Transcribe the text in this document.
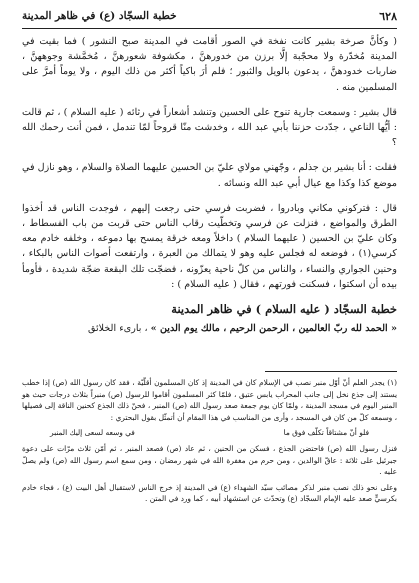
خطبة السجّاد (ع) في ظاهر المدينة	٦٢٨

( وكأنَّ صرخة بشير كانت نفخة في الصور أقامت في المدينة صبح النشور ) فما بقيت في المدينة مُخدّرة ولا محجّبة إلَّا برزن من خدورهنَّ ، مكشوفة شعورهنَّ ، مُخمَّشة وجوههنَّ ، ضاربات خدودهنَّ ، يدعون بالويل والثبور ؛ فلم أرَ باكياً أكثر من ذلك اليوم ، ولا يوماً أمرَّ على المسلمين منه .

قال بشير : وسمعت جارية تنوح على الحسين وتنشد أشعاراً في رثائه ( عليه السلام ) ، ثم قالت : أيُّها الناعي ، جدّدت حزننا بأبي عبد الله ، وخدشت منّا قروحاً لمّا تندمل ، فمن أنت رحمك الله ؟

فقلت : أنا بشير بن جذلم ، وجّهني مولاي عليّ بن الحسين عليهما الصلاة والسلام ، وهو نازل في موضع كذا وكذا مع عيال أبي عبد الله ونسائه .

قال : فتركوني مكاني وبادروا ، فضربت فرسي حتى رجعت إليهم ، فوجدت الناس قد أخذوا الطرق والمواضع ، فنزلت عن فرسي وتخطّيت رقاب الناس حتى قربت من باب الفسطاط ، وكان عليّ بن الحسين ( عليهما السلام ) داخلاً ومعه خرقة يمسح بها دموعه ، وخلفه خادم معه كرسي(١) ، فوضعه له فجلس عليه وهو لا يتمالك من العبرة ، وارتفعت أصوات الناس بالبكاء ، وحنين الجواري والنساء ، والناس من كلّ ناحية يعزّونه ، فضجّت تلك البقعة ضجّة شديدة ، فأومأ بيده أن اسكتوا ، فسكنت فورتهم ، فقال ( عليه السلام ) :

خطبة السجّاد ( عليه السلام ) في ظاهر المدينة
« الحمد لله ربّ العالمين ، الرحمن الرحيم ، مالك يوم الدين » ، بارىء الخلائق

(١) يجدر العلم أنّ أوّل منبر نصب في الإسلام كان في المدينة إذ كان المسلمون أقلّيّة ، فقد كان رسول الله (ص) إذا خطب يستند إلى جذع نخل إلى جانب المحراب يابس عتيق ، فلمّا كثر المسلمون أقاموا للرسول (ص) منبراً بثلاث درجات حيث هو المنبر اليوم في مسجد المدينة ، ولمّا كان يوم جمعة صعد رسول الله (ص) المنبر ، فحنّ ذلك الجذع كحنين الناقة إلى فصيلها ، وسمعه كلّ من كان في المسجد ، وأرى من المناسب في هذا المقام أن أتمثّل بقول البحتري :

فلو أنّ مشتاقاً تكلّف فوق ما
في وسعه لسعى إليك المنبر

فنزل رسول الله (ص) فاحتضن الجذع ، فسكن من الحنين ، ثم عاد (ص) فصعد المنبر ، ثم أمّن ثلاث مرّات على دعوة جبرئيل على ثلاثة : عاقّ الوالدين ، ومن حرم من مغفرة الله في شهر رمضان ، ومن سمع اسم رسول الله (ص) ولم يصلّ عليه .

وعلى نحو ذلك نصب منبر لذكر مصائب سيّد الشهداء (ع) في المدينة إذ خرج الناس لاستقبال أهل البيت (ع) ، فجاء خادم بكرسيٍّ صعد عليه الإمام السجّاد (ع) وتحدّث عن استشهاد أبيه ، كما ورد في المتن .
